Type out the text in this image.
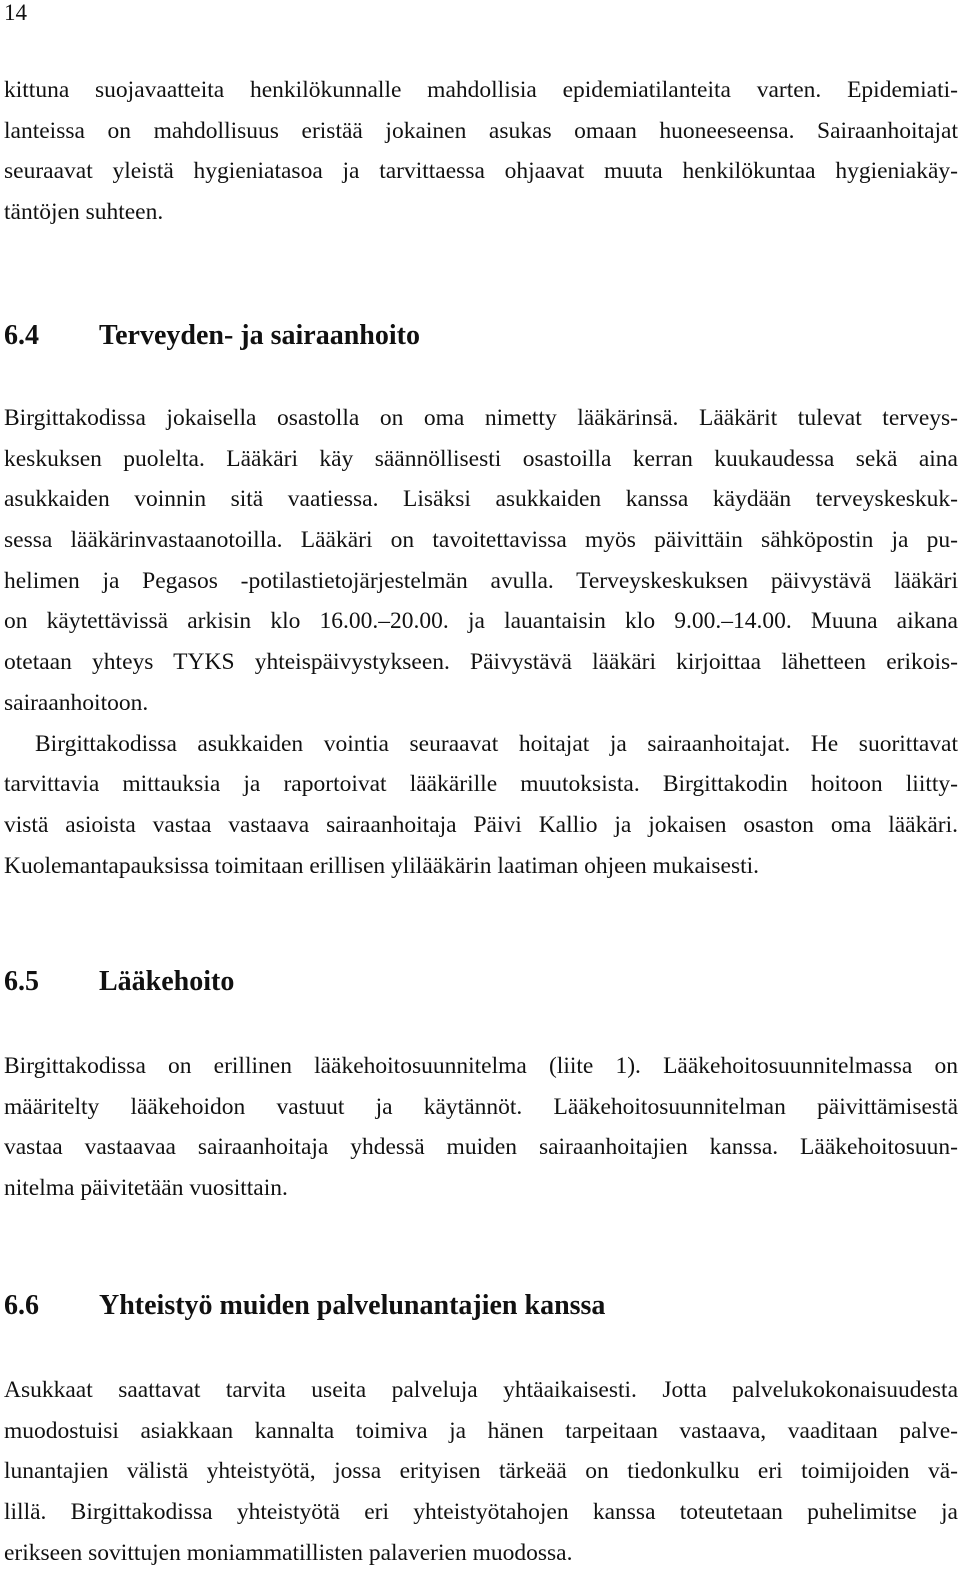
14
kittuna suojavaatteita henkilökunnalle mahdollisia epidemiatilanteita varten. Epidemiati-
lanteissa on mahdollisuus eristää jokainen asukas omaan huoneeseensa. Sairaanhoitajat
seuraavat yleistä hygieniatasoa ja tarvittaessa ohjaavat muuta henkilökuntaa hygieniakäy-
täntöjen suhteen.
6.4 Terveyden- ja sairaanhoito
Birgittakodissa jokaisella osastolla on oma nimetty lääkärinsä. Lääkärit tulevat terveys-
keskuksen puolelta. Lääkäri käy säännöllisesti osastoilla kerran kuukaudessa sekä aina
asukkaiden voinnin sitä vaatiessa. Lisäksi asukkaiden kanssa käydään terveyskeskuk-
sessa lääkärinvastaanotoilla. Lääkäri on tavoitettavissa myös päivittäin sähköpostin ja pu-
helimen ja Pegasos -potilastietojärjestelmän avulla. Terveyskeskuksen päivystävä lääkäri
on käytettävissä arkisin klo 16.00.–20.00. ja lauantaisin klo 9.00.–14.00. Muuna aikana
otetaan yhteys TYKS yhteispäivystykseen. Päivystävä lääkäri kirjoittaa lähetteen erikois-
sairaanhoitoon.
Birgittakodissa asukkaiden vointia seuraavat hoitajat ja sairaanhoitajat. He suorittavat
tarvittavia mittauksia ja raportoivat lääkärille muutoksista. Birgittakodin hoitoon liitty-
vistä asioista vastaa vastaava sairaanhoitaja Päivi Kallio ja jokaisen osaston oma lääkäri.
Kuolemantapauksissa toimitaan erillisen ylilääkärin laatiman ohjeen mukaisesti.
6.5 Lääkehoito
Birgittakodissa on erillinen lääkehoitosuunnitelma (liite 1). Lääkehoitosuunnitelmassa on
määritelty lääkehoidon vastuut ja käytännöt. Lääkehoitosuunnitelman päivittämisestä
vastaa vastaavaa sairaanhoitaja yhdessä muiden sairaanhoitajien kanssa. Lääkehoitosuun-
nitelma päivitetään vuosittain.
6.6 Yhteistyö muiden palvelunantajien kanssa
Asukkaat saattavat tarvita useita palveluja yhtäaikaisesti. Jotta palvelukokonaisuudesta
muodostuisi asiakkaan kannalta toimiva ja hänen tarpeitaan vastaava, vaaditaan palve-
lunantajien välistä yhteistyötä, jossa erityisen tärkeää on tiedonkulku eri toimijoiden vä-
lillä. Birgittakodissa yhteistyötä eri yhteistyötahojen kanssa toteutetaan puhelimitse ja
erikseen sovittujen moniammatillisten palaverien muodossa.
